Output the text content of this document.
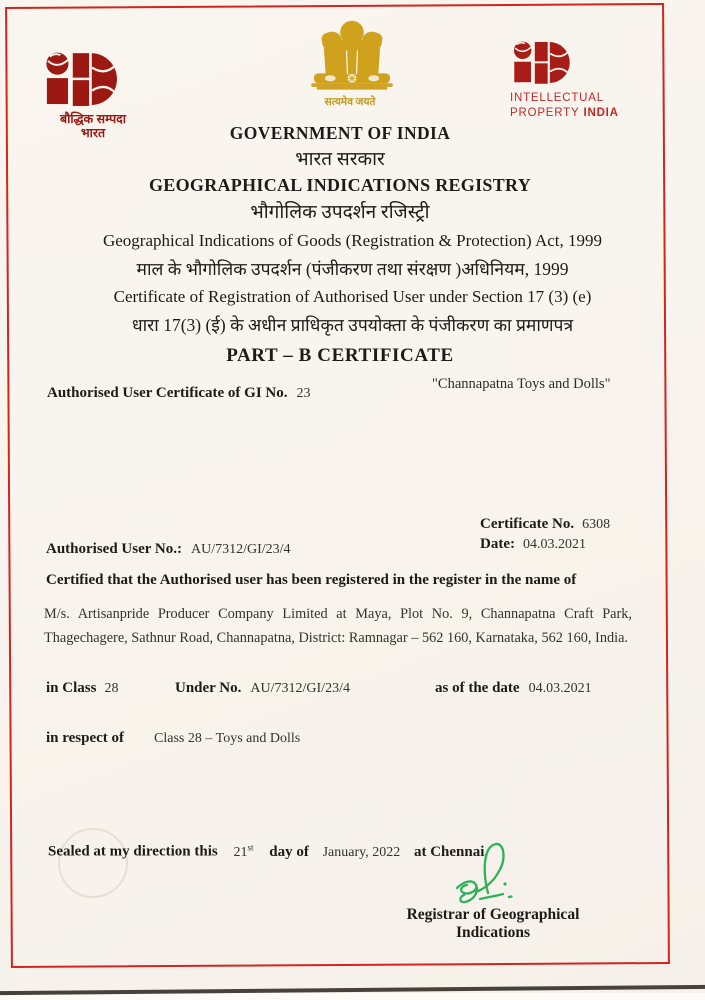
बौद्धिक सम्पदा
भारत
सत्यमेव जयते	INTELLECTUAL
PROPERTY INDIA
GOVERNMENT OF INDIA
भारत सरकार
GEOGRAPHICAL INDICATIONS REGISTRY
भौगोलिक उपदर्शन रजिस्ट्री
Geographical Indications of Goods (Registration & Protection) Act, 1999
माल के भौगोलिक उपदर्शन (पंजीकरण तथा संरक्षण )अधिनियम, 1999
Certificate of Registration of Authorised User under Section 17 (3) (e)
धारा 17(3) (ई) के अधीन प्राधिकृत उपयोक्ता के पंजीकरण का प्रमाणपत्र
PART – B CERTIFICATE
Authorised User Certificate of GI No. 23
"Channapatna Toys and Dolls"
Certificate No. 6308
Date: 04.03.2021
Authorised User No.: AU/7312/GI/23/4
Certified that the Authorised user has been registered in the register in the name of
M/s. Artisanpride Producer Company Limited at Maya, Plot No. 9, Channapatna Craft Park, Thagechagere, Sathnur Road, Channapatna, District: Ramnagar – 562 160, Karnataka, 562 160, India.
in Class 28	Under No. AU/7312/GI/23/4	as of the date 04.03.2021
in respect of Class 28 – Toys and Dolls
Sealed at my direction this 21st day of January, 2022 at Chennai.
Registrar of Geographical Indications
